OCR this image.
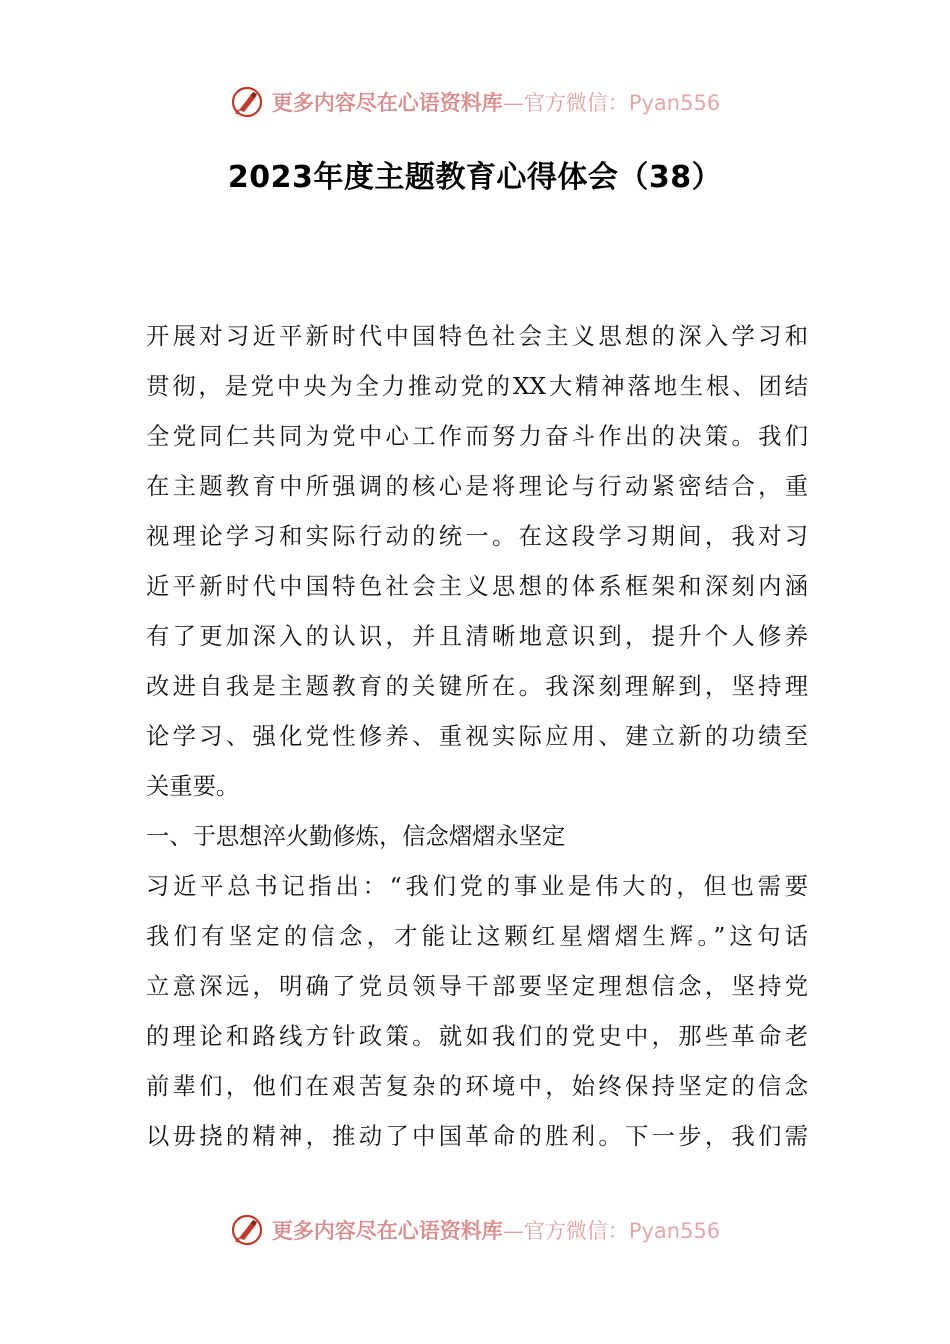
更多内容尽在心语资料库—官方微信：Pyan556
2023年度主题教育心得体会（38）
开展对习近平新时代中国特色社会主义思想的深入学习和
贯彻，是党中央为全力推动党的XX大精神落地生根、团结
全党同仁共同为党中心工作而努力奋斗作出的决策。我们
在主题教育中所强调的核心是将理论与行动紧密结合，重
视理论学习和实际行动的统一。在这段学习期间，我对习
近平新时代中国特色社会主义思想的体系框架和深刻内涵
有了更加深入的认识，并且清晰地意识到，提升个人修养
改进自我是主题教育的关键所在。我深刻理解到，坚持理
论学习、强化党性修养、重视实际应用、建立新的功绩至
关重要。
一、于思想淬火勤修炼，信念熠熠永坚定
习近平总书记指出：“我们党的事业是伟大的，但也需要
我们有坚定的信念，才能让这颗红星熠熠生辉。”这句话
立意深远，明确了党员领导干部要坚定理想信念，坚持党
的理论和路线方针政策。就如我们的党史中，那些革命老
前辈们，他们在艰苦复杂的环境中，始终保持坚定的信念
以毋挠的精神，推动了中国革命的胜利。下一步，我们需
更多内容尽在心语资料库—官方微信：Pyan556
